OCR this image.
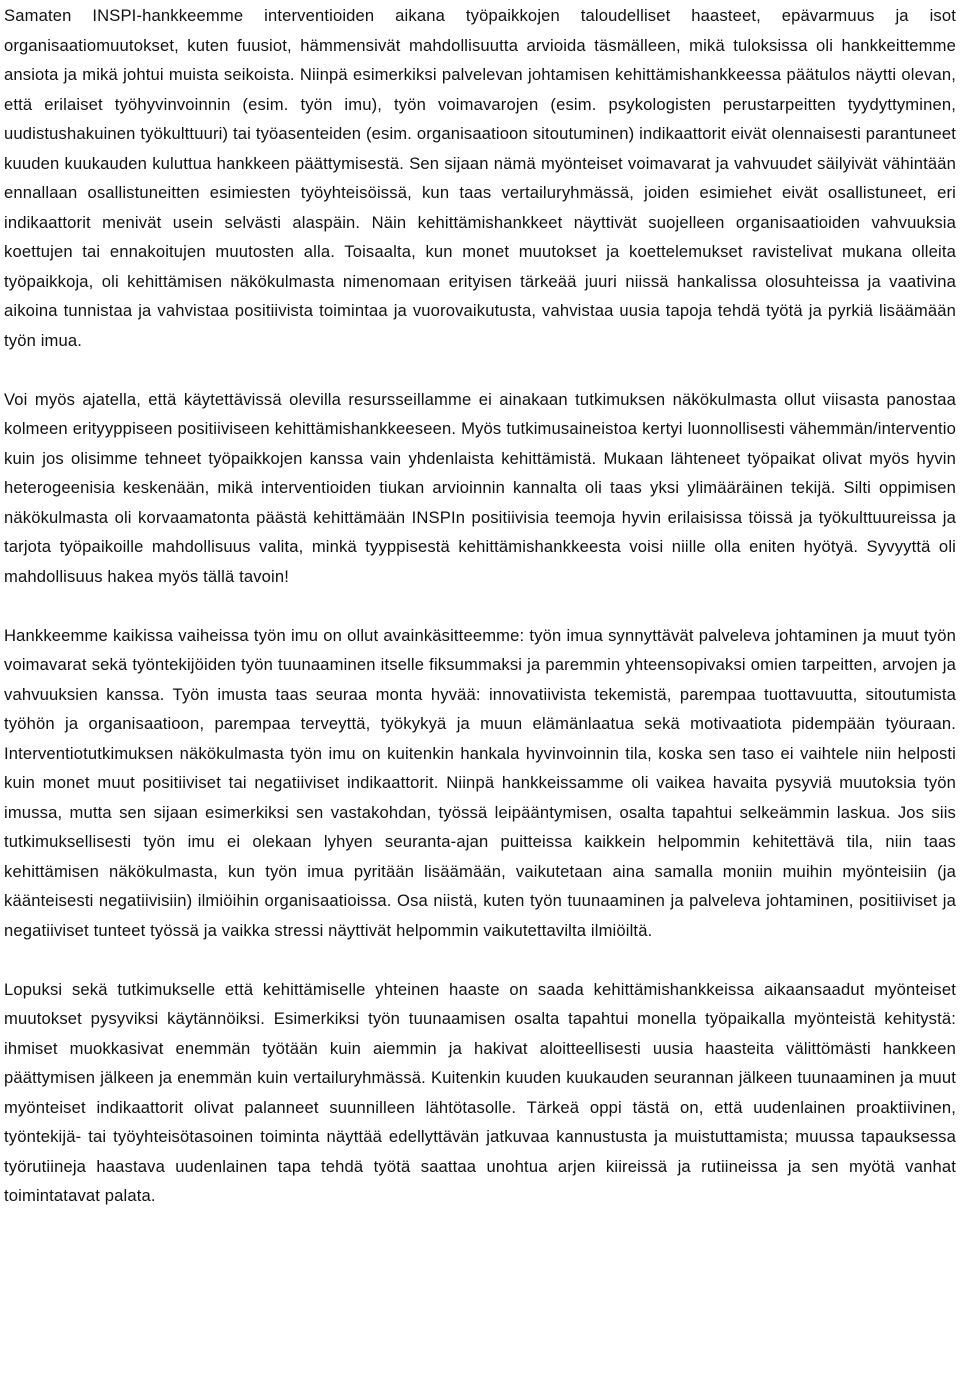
Samaten INSPI-hankkeemme interventioiden aikana työpaikkojen taloudelliset haasteet, epävarmuus ja isot organisaatiomuutokset, kuten fuusiot, hämmensivät mahdollisuutta arvioida täsmälleen, mikä tuloksissa oli hankkeittemme ansiota ja mikä johtui muista seikoista. Niinpä esimerkiksi palvelevan johtamisen kehittämishankkeessa päätulos näytti olevan, että erilaiset työhyvinvoinnin (esim. työn imu), työn voimavarojen (esim. psykologisten perustarpeitten tyydyttyminen, uudistushakuinen työkulttuuri) tai työasenteiden (esim. organisaatioon sitoutuminen) indikaattorit eivät olennaisesti parantuneet kuuden kuukauden kuluttua hankkeen päättymisestä. Sen sijaan nämä myönteiset voimavarat ja vahvuudet säilyivät vähintään ennallaan osallistuneitten esimiesten työyhteisöissä, kun taas vertailuryhmässä, joiden esimiehet eivät osallistuneet, eri indikaattorit menivät usein selvästi alaspäin. Näin kehittämishankkeet näyttivät suojelleen organisaatioiden vahvuuksia koettujen tai ennakoitujen muutosten alla. Toisaalta, kun monet muutokset ja koettelemukset ravistelivat mukana olleita työpaikkoja, oli kehittämisen näkökulmasta nimenomaan erityisen tärkeää juuri niissä hankalissa olosuhteissa ja vaativina aikoina tunnistaa ja vahvistaa positiivista toimintaa ja vuorovaikutusta, vahvistaa uusia tapoja tehdä työtä ja pyrkiä lisäämään työn imua.

Voi myös ajatella, että käytettävissä olevilla resursseillamme ei ainakaan tutkimuksen näkökulmasta ollut viisasta panostaa kolmeen erityyppiseen positiiviseen kehittämishankkeeseen. Myös tutkimusaineistoa kertyi luonnollisesti vähemmän/interventio kuin jos olisimme tehneet työpaikkojen kanssa vain yhdenlaista kehittämistä. Mukaan lähteneet työpaikat olivat myös hyvin heterogeenisia keskenään, mikä interventioiden tiukan arvioinnin kannalta oli taas yksi ylimääräinen tekijä. Silti oppimisen näkökulmasta oli korvaamatonta päästä kehittämään INSPIn positiivisia teemoja hyvin erilaisissa töissä ja työkulttuureissa ja tarjota työpaikoille mahdollisuus valita, minkä tyyppisestä kehittämishankkeesta voisi niille olla eniten hyötyä. Syvyyttä oli mahdollisuus hakea myös tällä tavoin!

Hankkeemme kaikissa vaiheissa työn imu on ollut avainkäsitteemme: työn imua synnyttävät palveleva johtaminen ja muut työn voimavarat sekä työntekijöiden työn tuunaaminen itselle fiksummaksi ja paremmin yhteensopivaksi omien tarpeitten, arvojen ja vahvuuksien kanssa. Työn imusta taas seuraa monta hyvää: innovatiivista tekemistä, parempaa tuottavuutta, sitoutumista työhön ja organisaatioon, parempaa terveyttä, työkykyä ja muun elämänlaatua sekä motivaatiota pidempään työuraan. Interventiotutkimuksen näkökulmasta työn imu on kuitenkin hankala hyvinvoinnin tila, koska sen taso ei vaihtele niin helposti kuin monet muut positiiviset tai negatiiviset indikaattorit. Niinpä hankkeissamme oli vaikea havaita pysyviä muutoksia työn imussa, mutta sen sijaan esimerkiksi sen vastakohdan, työssä leipääntymisen, osalta tapahtui selkeämmin laskua. Jos siis tutkimuksellisesti työn imu ei olekaan lyhyen seuranta-ajan puitteissa kaikkein helpommin kehitettävä tila, niin taas kehittämisen näkökulmasta, kun työn imua pyritään lisäämään, vaikutetaan aina samalla moniin muihin myönteisiin (ja käänteisesti negatiivisiin) ilmiöihin organisaatioissa. Osa niistä, kuten työn tuunaaminen ja palveleva johtaminen, positiiviset ja negatiiviset tunteet työssä ja vaikka stressi näyttivät helpommin vaikutettavilta ilmiöiltä.

Lopuksi sekä tutkimukselle että kehittämiselle yhteinen haaste on saada kehittämishankkeissa aikaansaadut myönteiset muutokset pysyviksi käytännöiksi. Esimerkiksi työn tuunaamisen osalta tapahtui monella työpaikalla myönteistä kehitystä: ihmiset muokkasivat enemmän työtään kuin aiemmin ja hakivat aloitteellisesti uusia haasteita välittömästi hankkeen päättymisen jälkeen ja enemmän kuin vertailuryhmässä. Kuitenkin kuuden kuukauden seurannan jälkeen tuunaaminen ja muut myönteiset indikaattorit olivat palanneet suunnilleen lähtötasolle. Tärkeä oppi tästä on, että uudenlainen proaktiivinen, työntekijä- tai työyhteisötasoinen toiminta näyttää edellyttävän jatkuvaa kannustusta ja muistuttamista; muussa tapauksessa työrutiineja haastava uudenlainen tapa tehdä työtä saattaa unohtua arjen kiireissä ja rutiineissa ja sen myötä vanhat toimintatavat palata.
